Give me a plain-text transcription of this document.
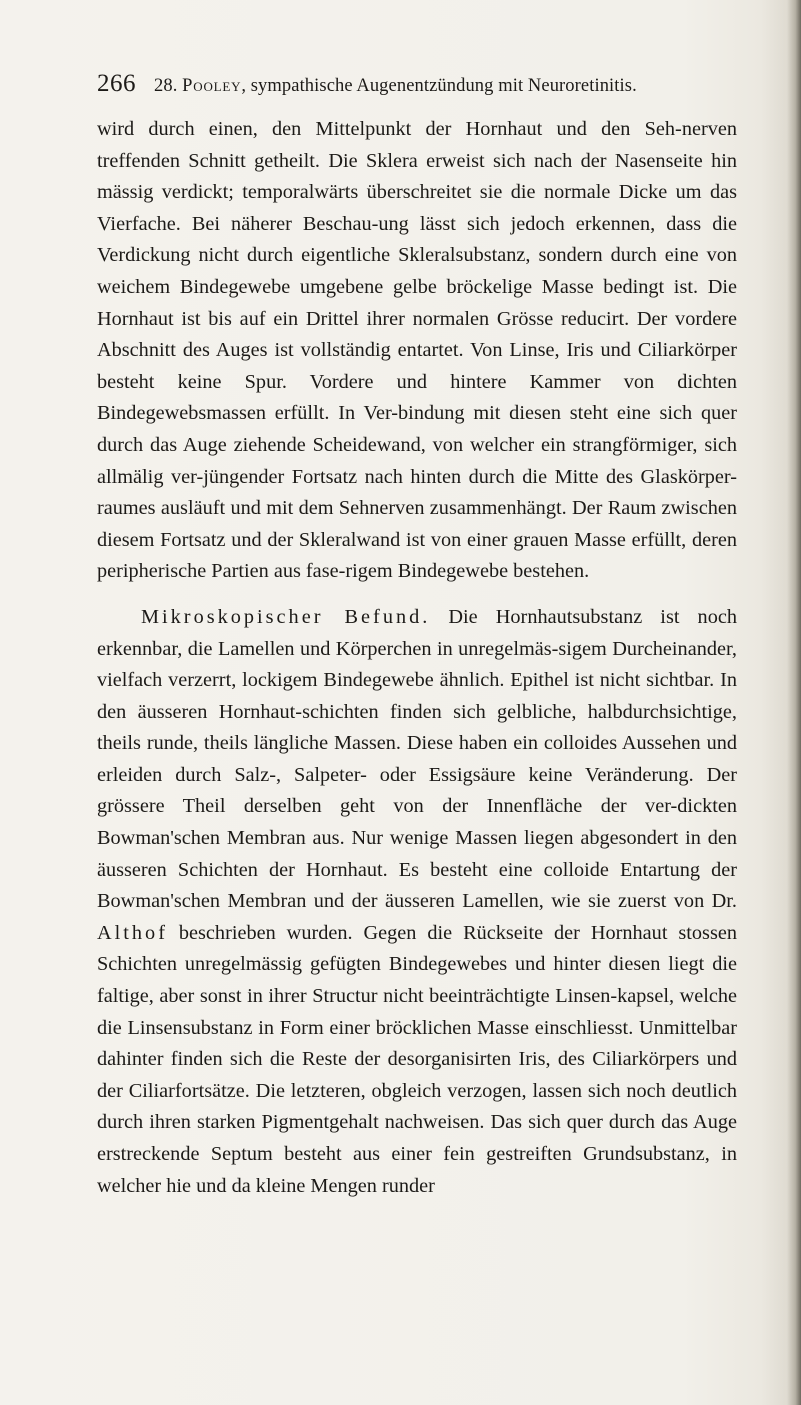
266 28. Pooley, sympathische Augenentzündung mit Neuroretinitis.

wird durch einen, den Mittelpunkt der Hornhaut und den Seh-nerven treffenden Schnitt getheilt. Die Sklera erweist sich nach der Nasenseite hin mässig verdickt; temporalwärts überschreitet sie die normale Dicke um das Vierfache. Bei näherer Beschau-ung lässt sich jedoch erkennen, dass die Verdickung nicht durch eigentliche Skleralsubstanz, sondern durch eine von weichem Bindegewebe umgebene gelbe bröckelige Masse bedingt ist. Die Hornhaut ist bis auf ein Drittel ihrer normalen Grösse reducirt. Der vordere Abschnitt des Auges ist vollständig entartet. Von Linse, Iris und Ciliarkörper besteht keine Spur. Vordere und hintere Kammer von dichten Bindegewebsmassen erfüllt. In Ver-bindung mit diesen steht eine sich quer durch das Auge ziehende Scheidewand, von welcher ein strangförmiger, sich allmälig ver-jüngender Fortsatz nach hinten durch die Mitte des Glaskörper-raumes ausläuft und mit dem Sehnerven zusammenhängt. Der Raum zwischen diesem Fortsatz und der Skleralwand ist von einer grauen Masse erfüllt, deren peripherische Partien aus fase-rigem Bindegewebe bestehen.

Mikroskopischer Befund. Die Hornhautsubstanz ist noch erkennbar, die Lamellen und Körperchen in unregelmäs-sigem Durcheinander, vielfach verzerrt, lockigem Bindegewebe ähnlich. Epithel ist nicht sichtbar. In den äusseren Hornhaut-schichten finden sich gelbliche, halbdurchsichtige, theils runde, theils längliche Massen. Diese haben ein colloides Aussehen und erleiden durch Salz-, Salpeter- oder Essigsäure keine Veränderung. Der grössere Theil derselben geht von der Innenfläche der ver-dickten Bowman'schen Membran aus. Nur wenige Massen liegen abgesondert in den äusseren Schichten der Hornhaut. Es besteht eine colloide Entartung der Bowman'schen Membran und der äusseren Lamellen, wie sie zuerst von Dr. Althof beschrieben wurden. Gegen die Rückseite der Hornhaut stossen Schichten unregelmässig gefügten Bindegewebes und hinter diesen liegt die faltige, aber sonst in ihrer Structur nicht beeinträchtigte Linsen-kapsel, welche die Linsensubstanz in Form einer bröcklichen Masse einschliesst. Unmittelbar dahinter finden sich die Reste der desorganisirten Iris, des Ciliarkörpers und der Ciliarfortsätze. Die letzteren, obgleich verzogen, lassen sich noch deutlich durch ihren starken Pigmentgehalt nachweisen. Das sich quer durch das Auge erstreckende Septum besteht aus einer fein gestreiften Grundsubstanz, in welcher hie und da kleine Mengen runder
